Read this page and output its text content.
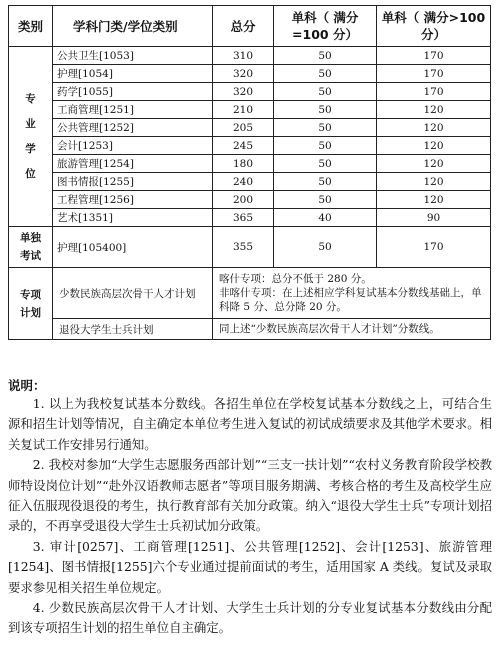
类别	学科门类/学位类别	总分	单科（ 满分=100 分）	单科（ 满分>100 分）
专业学位	公共卫生[1053]	310	50	170
	护理[1054]	320	50	170
	药学[1055]	320	50	170
	工商管理[1251]	210	50	120
	公共管理[1252]	205	50	120
	会计[1253]	245	50	120
	旅游管理[1254]	180	50	120
	图书情报[1255]	240	50	120
	工程管理[1256]	200	50	120
	艺术[1351]	365	40	90
单独考试	护理[105400]	355	50	170
专项计划	少数民族高层次骨干人才计划	喀什专项：总分不低于 280 分。
非喀什专项：在上述相应学科复试基本分数线基础上，单科降 5 分、总分降 20 分。		
	退役大学生士兵计划	同上述“少数民族高层次骨干人才计划”分数线。		
说明：

1. 以上为我校复试基本分数线。各招生单位在学校复试基本分数线之上，可结合生源和招生计划等情况，自主确定本单位考生进入复试的初试成绩要求及其他学术要求。相关复试工作安排另行通知。

2. 我校对参加“大学生志愿服务西部计划”“三支一扶计划”“农村义务教育阶段学校教师特设岗位计划”“赴外汉语教师志愿者”等项目服务期满、考核合格的考生及高校学生应征入伍服现役退役的考生，执行教育部有关加分政策。纳入“退役大学生士兵”专项计划招录的，不再享受退役大学生士兵初试加分政策。

3. 审计[0257]、工商管理[1251]、公共管理[1252]、会计[1253]、旅游管理[1254]、图书情报[1255]六个专业通过提前面试的考生，适用国家 A 类线。复试及录取要求参见相关招生单位规定。

4. 少数民族高层次骨干人才计划、大学生士兵计划的分专业复试基本分数线由分配到该专项招生计划的招生单位自主确定。
